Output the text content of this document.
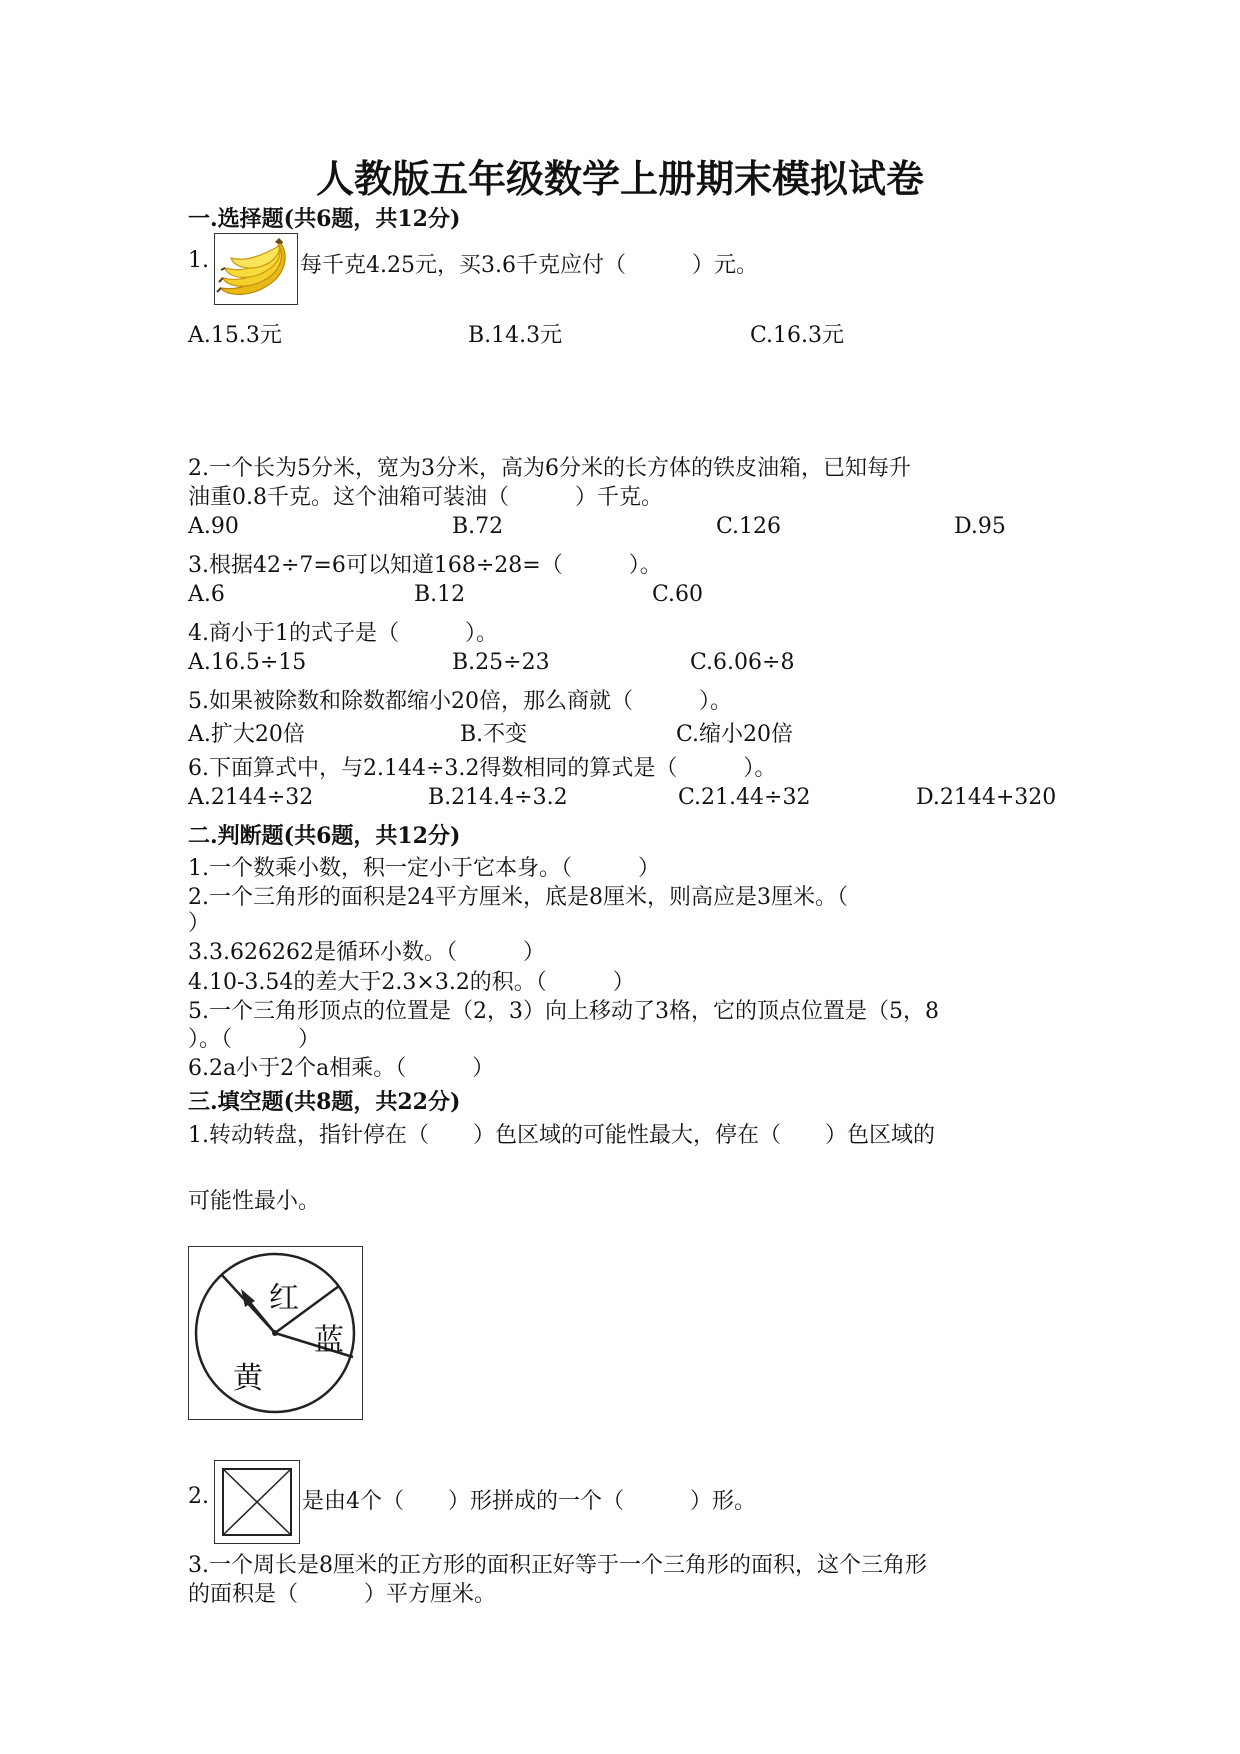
人教版五年级数学上册期末模拟试卷
一.选择题(共6题，共12分)
1.	每千克4.25元，买3.6千克应付（　　　）元。
A.15.3元	B.14.3元	C.16.3元
2.一个长为5分米，宽为3分米，高为6分米的长方体的铁皮油箱，已知每升
油重0.8千克。这个油箱可装油（　　　）千克。
A.90	B.72	C.126	D.95
3.根据42÷7=6可以知道168÷28=（　　　）。
A.6	B.12	C.60
4.商小于1的式子是（　　　）。
A.16.5÷15	B.25÷23	C.6.06÷8
5.如果被除数和除数都缩小20倍，那么商就（　　　）。
A.扩大20倍	B.不变	C.缩小20倍
6.下面算式中，与2.144÷3.2得数相同的算式是（　　　）。
A.2144÷32	B.214.4÷3.2	C.21.44÷32	D.2144+320
二.判断题(共6题，共12分)
1.一个数乘小数，积一定小于它本身。（　　　）
2.一个三角形的面积是24平方厘米，底是8厘米，则高应是3厘米。（
）
3.3.626262是循环小数。（　　　）
4.10-3.54的差大于2.3×3.2的积。（　　　）
5.一个三角形顶点的位置是（2，3）向上移动了3格，它的顶点位置是（5，8
）。（　　　）
6.2a小于2个a相乘。（　　　）
三.填空题(共8题，共22分)
1.转动转盘，指针停在（　　）色区域的可能性最大，停在（　　）色区域的
可能性最小。
红
蓝
黄
2.	是由4个（　　）形拼成的一个（　　　）形。
3.一个周长是8厘米的正方形的面积正好等于一个三角形的面积，这个三角形
的面积是（　　　）平方厘米。
